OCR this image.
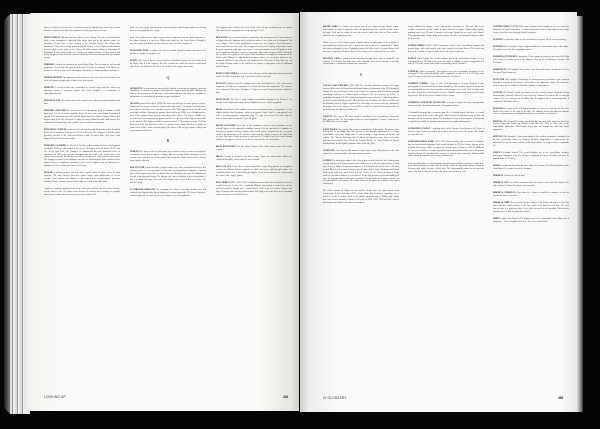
Stars are relatively rich in heavier elements because the material from which they formed includes elements formed by nucleosynthesis in earlier generations of stars.
POPULATION II Old stars and star clusters in our Galaxy. They are found distributed fairly evenly throughout a spherical halo rather than just in the galactic plane; the Population II stars have a lower content of the elements heavier than helium than Population I. They move at high speeds around the Galaxy in very elliptical orbits inclined at steep angles to the plane of the Galaxy. Globular clusters belong to Population II. Population II stars formed when the Galaxy was spherical before its disk formed and before the gas and dust could be enriched with heavier elements from previous generations of stars.
PORRIMA A binary star system in the constellation Virgo. The two stars are each around magnitude 3.5 and orbit each other around every 170 years. At a distance of 38 light years, Porrima is relatively close to the solar system. Porrima was a Roman goddess of prophecy.
PROPER MOTION The apparent annual motion of a star across the celestial sphere due to its real motion through space relative to the solar system.
PROPLYD A recently formed star, surrounded by a cloud of gas and dust, which may ultimately produce a planetary system. The word "proplyd" is a contraction of "protoplanetary disk".
PROTOGALAXY The earliest stage in the formation of a galaxy from primordial gas and dust.
PROXIMA CENTAURI The nearest star to the solar system, lying at a distance of 4.24 light years. It is an eleventh magnitude dwarf red star in the constellation Centaurus. It appears to be associated physically with the bright binary star Alpha Centauri, which is two degrees away in the sky and about 0.2 light years away distant from the solar system. It is estimated that Proxima may take a million years to orbit its companions.
PTOLEMAIC SYSTEM A concept of the solar system with Earth at the centre, described by the Greek astronomer Ptolemy in AD 150 in his book, the Almagest. It was the model generally accepted in the Arab and Western worlds for more than 1,000 years, until superseded by the heliocentric model.
PTOLEMY, CLAUDIUS (c. AD 100–170) Little is known about the life of the Egyptian astronomer Ptolemy, who worked in the city of Alexandria between about AD 127 and 151. In his great book, the Almagest, he summarized the most influential work on astronomy for 1500 years and the assumption that the Earth is the centre of the solar system was eventually, the idea put forward by Copernicus of a Sun-centred solar system. The Almagest included a star catalogue and rules for calculating the future positions of the planets based on complicated geometry. It was not all original work by Ptolemy but a summary of Greek astronomy from over 500 years.
PULSAR A rotating neutron star that emits regular bursts of radio waves in rapid sequence. The time between successive pulses ranges from milliseconds to several seconds. Some pulsars emit radiation in other bands of the electromagnetic spectrum, including X-rays, gamma rays and visible light, as well as in the radio band.
A pulsar is a rotating, magnetic neutron star, with a mass similar to the Sun's but a diameter of only about 10 km. The pulsar occurs because the neutron star is rotating very rapidly and a beam of radio emission sweeps by once per rotation. The
pulses are very regular, apart from the occasional glitch, and all single pulsars are slowing down as they gradually lose energy.
Some X-ray pulsars are in binary systems where companion stars are transferring mass to the pulsar, causing it to speed up. Millisecond pulsars are the fastest known, thought to have been spun up in binary systems and have since lost their companions.
PULSATING STAR A variable star with an unstable internal structure that causes it to pulsate in a regular or irregular way.
PUPPIS (The Poop or Stern) A large southern constellation lying in the rich starfields of the Milky Way. It is the largest of the three sections into which the ancient constellation Argo Navis was divided by Nicolas L. de Lacaille in the eighteenth century.
Q
QUADRANT An instrument for measuring the altitude of stars and for mapping equatorial coordinates. It consists of a quarter circle marked in degrees and a movable sighting arm. Prior to the invention of the telescope, such instruments were the only ones available to astronomers for measuring the positions of stars and planets.
QUASAR (quasi-stellar object, QSO) The most powerful type of active galactic nucleus. Quasars have an intense fraction of "quasi-stellar radio source," the phrase used to describe these objects when they were first discovered in 1963. They appeared to be star-like with very high redshifts. Although the quasars discovered in the 1960s were all radio sources, most of the quasars known now are not strong radio sources. The largest redshifts ever recorded have been measured for quasars and they are the most distant objects observable in the universe. The highest redshift measured is about 7. This quasar is about 13 billion light years away. The fact that we detect no quasars nearer means that they are going out further back in time, from a normal galaxy. The source of the energy is matter falling onto a supermassive black hole.
R
RADIANT The point on the celestial sphere from which the trails of meteors belonging to a particular meteor shower appear to radiate. Meteors entering Earth's atmosphere from a stream create trails that are almost parallel but perspective makes them seem to diverge from a point in the sky.
RAS ALGETHI (Alpha Herculis) A bright variable star in the constellation Hercules. It is a binary system of a red supergiant 3.4 star with a sixth-magnitude companion, a spectral type G which appears greenish in contrast. They are 400 light years away. The brighter star is itself a spectroscopic binary. The primary star varies irregularly between magnitudes 3 and 4 in about 128 days. The name Ras Algethi comes from Arabic and means "the kneeler's head".
R CORONAE BOREALIS The prototype of a class of peculiar variable stars that suddenly and unpredictably dip in brightness by many magnitudes. R Coronae Borealis is usually magnitude 5.8, but every few years dips to very faint magnitudes.
This happens when it throws off a dust cloud. About 50 stars of similar type are known. Typically they are supergiant stars of spectral type F or G.
RED GIANT An evolved star that has expanded greatly and appears red. A star becomes a red giant when the hydrogen fuel for nuclear fusion in its central core is exhausted. The core collapses. This releases gravitational energy and a new supply of fresh hydrogen is fused around the new inert core. The energy provided by shell burning of hydrogen causes the great expansion of the star's outer layers. As the gas expands, it cools. Regardless of the star's original spectral type, its surface temperature drops until it reaches 3000 K. When the Sun becomes a red giant, it will expand until its diameter is roughly the diameter of the Earth's orbit. Though the light emitted per square metre of a red giant's surface is low compared with hotter stars, they are very luminous over all because of their huge size. All the bright red stars visible to the naked eye are giants or supergiants, such as Aldebaran and Betelgeuse.
REFLECTION NEBULA A cloud of interstellar gas and dust that shines because the dust scatters the light of stars near to it. A reflection nebula is not itself
REGULUS (Alpha Leonis) The brightest star in the constellation Leo. It is a blue star of magnitude 1.4 with two companions of seventh and thirteenth magnitudes. The name is Latin and means "little king". Regulus is 77 light years away. It has been nearly eclipsed or light.
RETICULUM (The Net) A small southern constellation introduced by Nicolas L. de Lacaille in the eighteenth century. Its two brightest stars are of third magnitude.
RIGEL (Beta Orionis) The brightest star in the constellation Orion, at magnitude 0.1. It is slightly brighter than Betelgeuse, which is designated Alpha. Rigel is a supergiant B star, with a seventh-magnitude companion lying 770 light years away. The name Rigel is derived from Arabic and means "leg of the giant".
RIGHT ASCENSION (RA) One of the coordinates used to specify positions on the celestial sphere in the equatorial coordinate system. It is the equivalent of longitude on Earth but is measured in hours, minutes and seconds of time eastward from the zero point, which is the intersection of the celestial equator and the ecliptic, known as the First Point of Aries. One hour of right ascension is equivalent to 15 degrees and is the angle through which the sky appears to rotate in one hour of sidereal time. See declination.
RIGIL KENTAURUS The star Alpha Centauri. This Arabic name means "foot of the centaur".
RILLE A fissure or channel in the lunar surface. Some are vertical faults. Others are collapsed lava tubes, which tend to be more sinuous.
RING GALAXY A rare kind of galaxy shaped like a ring. Ring galaxies are thought to result from collisions between galaxies in which one passes right through another. An expanding shock wave of interstellar gas triggers a burst of star formation in a ring around the centre of the "target" galaxy.
RING NEBULA (M57, NGC 6720) A bright planetary nebula in the constellation Lyra. In a small telescope it looks like a luminous elliptical ring around a central star, but the observed nebula is thought to be a barrel-shaped shell of gas seen end-on. Images with large telescopes show that the nebula is about 2000 light years away. It has been expanding at its current rate for about 6000 years.
LOOKING UP	484
ROCHE LOBE In a binary star system, one of two figure-of-eight shaped regions between the two stars. In particular, where the gravitational force exerted by either star is the same. Each star lies within its own lobe and the point where the two lobes touch is called the inner Lagrangian point.
When a star in a close binary system expands during the giant phase of its evolution, it may completely fill its Roche lobe. A system like that is said to be "semidetached". Matter then streams through the inner Lagrangian point to the other star. In a contact binary, both stars have completely filled their Roche lobes and gas can be transferred between them.
RUNAWAY STAR A young hot star travelling through space with an unusually high velocity. It is thought that such stars could originally have been in binary or multiple systems where a companion exploded as a supernova.
S
SAGAN, CARL EDWARD (1934–1996) The American planetary scientist Carl Sagan was one of the most well known and influential figures in astronomy in the USA during his lifetime. He was particularly known for his interest in extraterrestrial life and for strongly advocating searching for extraterrestrial intelligence. He was involved in NASA, he contributed to many of NASA's planetary exploration space missions. A gifted populariser, he wrote several bestselling books. His television series Cosmos, first shown in 1980, was an enormous success. Sagan experienced a wide range of research interests, particularly the origin of life in the universe. From 1968 he worked at Cornell University and directed the Laboratory for Planetary Studies there.
SAGITTA (The Arrow) The third smallest constellation, but nevertheless a distinctive little group of stars. The four brightest stars are fourth magnitude. It forms a small part of the Milky Way next to Aquila.
SAGITTARIUS (The Archer) The southern constellation of the zodiac. The centre of the Galaxy lies in the Milky Way that appears to run through Sagittarius. It is a large constellation with many bright stars. It also contains a large number of clusters and nebulae. The "Messier Catalogue lists 15 objects in Sagittarius, more than in any other individual constellation. They include the Lagoon Nebula, the Trifid Nebula, the Omega Nebula and the third brightest globular cluster in the sky, M22.
SATELLITE Any body in orbit around a larger parent body. Most planets in the solar system have natural satellites, otherwise known as moons.
SATURN The sixth major planet of the solar system in order from the Sun, orbiting at an average distance of 9.54 astronomical units. Saturn is one of the four giant planets, second only in size to Jupiter. Its equatorial diameter is 9.4 times Earth's and its mass is 95 times greater. However, its average density is only 0.7 times that of water. Hydrogen and helium make up the bulk of its mass. There is a core of iron, 10 or 15 times the mass of Earth, made of rock and a mixture of rock and ice. In the high pressure region surrounding the core, the hydrogen takes on the form of a metal. The outer half of the planet consists of a deep atmosphere of the planet. The visible surface of the planet are confined to the upper cloud layers.
The cloud patterns on Saturn are not usually clearly seen, but giant storms occur occasionally. In late September 1990, a large white spot developed, expanding over a period of weeks to encircle much of the planet's equatorial region. Similar large storms have been seen at intervals of about 57–60 years, in 1876, 1903, 1933 and 1960, close to mid-summer on Saturn in its northern hemisphere.
Images obtained by Voyager 1 and 2 during their encounters in 1980 and 1981 reveal complex circulation currents, similar to those observed on Jupiter. Saturn rotates rapidly, spinning once every 10 hours 14 minutes on average, though the rate varies with latitude. This rapid spin makes Saturn bulge at the equator, the polar and equatorial diameters differ by 10 percent.
SATURN NEBULA (NGC 7009) A planetary nebula in the constellation Aquarius. Its general shape, with a faint partial outer ring, resembles the planet Saturn. The double ring may be the remains of separate shells thrown off by the central star.
SCHEAT (Beta Pegasi) The second brightest star in the constellation Pegasus. It is a supergiant M star 200 light years away and varies in brightness between magnitudes 2.4 and 2.8. The name comes from Arabic and probably means "shoulder".
SCHEDAR (Alpha Cassiopeiae) The brightest star in the constellation Cassiopeia. It is a supergiant K star varying irregularly with a magnitude of about 2.2. It is 230 light years away. The name is derived from Arabic and means "the breast".
SCHMIDT CAMERA A type of wide field astronomical telescope designed to take photographs. It was invented by Bernhard Schmidt in 1930 and has a spherical mirror and a correcting plate near the front. It produces sharp images over a wide field, far larger than the field covered by a conventional telescope. Schmidt cameras have been used for major sky surveys. The field of view is about 6 degrees across.
SCHMIDT-CASSEGRAIN TELESCOPE A design of optical telescope, incorporating features of both a Schmidt camera and a Cassegrain reflector.
A Schmidt-Cassegrain has a corrector plate like a Schmidt camera but there is a small secondary mirror in the centre of the plate, which reflects the light back down the tube and through a hole in the primary mirror. The resulting telescope is very compact, so the design is particularly suitable for portable telescopes and is popular with amateurs.
SCHROTER'S VALLEY A winding valley in the Oceanus Procellarum on the Moon. It starts in a small crater just outside the northern wall of the crater Herodotus, and extends for about 160 km.
SCHWARZSCHILD, KARL (1873–1916) Schwarzschild, who was born in Frankfurt, was an observational astronomer and a noted theorist. In 1909 he became director of the Potsdam Observatory. While serving in the German army in Russia in 1916, he published the first exact solution to complex equations Einstein had published that year in his general relativity theory. He introduced the concept of what is now termed the Schwarzschild radius, which is important in the theory of black holes.
Schwarzschild Radius: A critical quantity that determines whether an object is a black hole, from which nothing can escape into the outside world; the object that collapses inside its Schwarzschild radius becomes a black hole. The Schwarzschild radius for an object the mass of the Sun is 3 km; for an object the mass of the Earth it is 1 cm.
SCINTILLATION (TWINKLING) rapid variations in the brightness of a star caused by turbulence in Earth's atmosphere. A similar phenomenon affects radio signals from cosmic sources when they travel through Earth's ionosphere.
SCORPIO An alternative name for the constellation Scorpius, chiefly used in astrology.
SCORPIUS (The Scorpion) A large, bright constellation of the southern part of the zodiac. Its brightest star is the first magnitude Antares.
SCORPIUS-CENTAURUS Association A loose group of young hot stars about 600 light years away. It includes most of the brightest stars in the constellations Scorpius and Centaurus.
SCORPIUS X-1 The brightest X-ray source in the sky and the first to be discovered. It is a low mass X-ray binary star.
SCULPTOR (The Sculptor's Workshop) An inconspicuous constellation of the southern hemisphere introduced by Nicolas L. de Lacaille in the eighteenth century. The south pole of the Galaxy lies in Sculptor. It includes a number of faint galaxies.
SCUTUM (The Shield) A small constellation near the celestial equator, originally Scutum Sobiescianum, Sobieski's Shield. It was created by Johannes Hevelius in the seventeenth century. It lies in a rich part of the Milky Way. Its brightest star is fourth magnitude. It contains the Wild Duck cluster.
SEASONS The regular cycle of changing variables over the year, caused by the tilt of the Earth's axis relative to the plane of its orbit. The obliquity means that different latitudes receive varying amounts of sunlight through the year, a number of solar heat.
SERPENS (The Serpent) The only constellation split into two parts, which are known as Serpens Caput (the head) and Serpens Cauda (the tail). They lie either side of the constellation Ophiuchus. The Serpens Caput star and Serpens are third and fourth magnitude.
SEXTANS (The Sextant) A faint constellation of the southern hemisphere introduced in the late seventeenth century by Johannes Hevelius, supposedly to commemorate the instrument he used to make accurate stellar observations. Its brightest star is magnitude 4.5.
SHAULA (Lambda Scorpii) The second brightest star in the constellation Scorpius, marking the Scorpion's sting. It is a B star of magnitude 1.6 and is 700 light years away. Its popular name is "the sting".
SICKLE An asterism formed by the stars Alpha, Eta, Gamma, Zeta, Mu and Epsilon in the constellation Leo, named because of its shape.
SIDEREAL Connected with the stars.
SIDEREAL DAY The Earth's rotation period with respect to the stars. The length of the sidereal day is 23 hours 56 minutes and 4 seconds.
SIDEREAL PERIOD The time taken by a planet or satellite to complete an orbit as measured relative to the stars.
SIDEREAL TIME Time measured by the rotation of the Earth with respect to the stars rather than the rotation relative to the Sun, which is the basis for civil time. The local sidereal time at a particular place is the right ascension on the meridian. Observatories normally have a clock keeping sidereal time.
SIRIUS (Alpha Canis Majoris) The brightest star in the constellation Canis Major and, at magnitude −1.46, the brightest star in the sky. It is a visual binary
IV GLOSSARY	485
